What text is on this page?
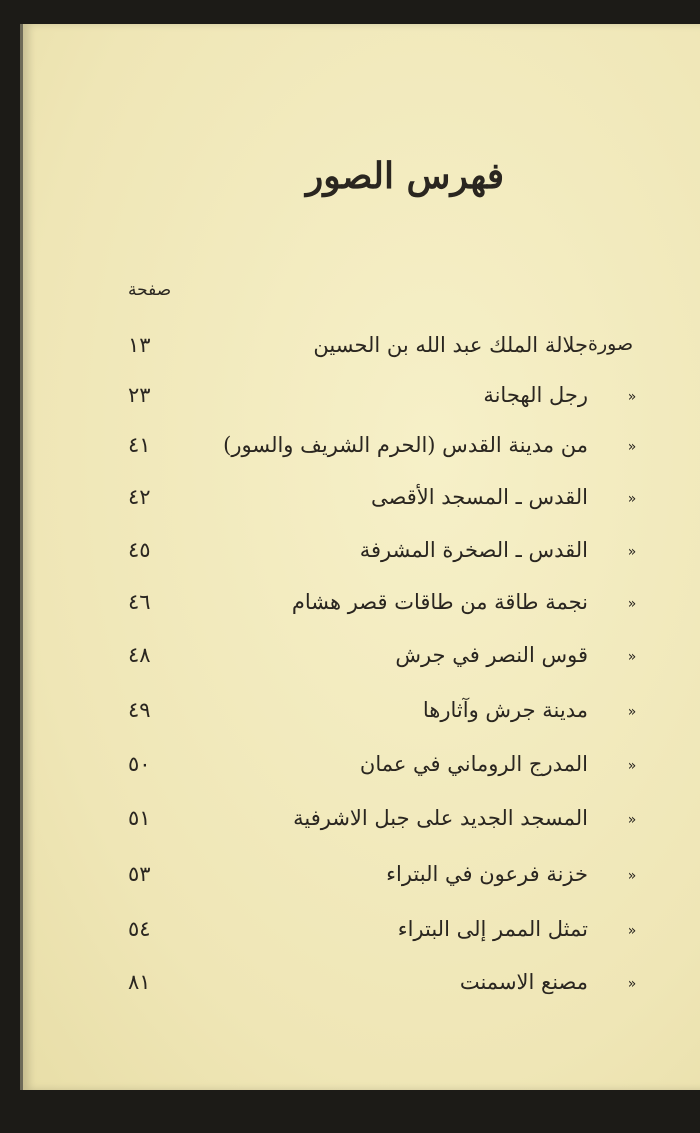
فهرس الصور
صفحة
صورة
جلالة الملك عبد الله بن الحسين
١٣
«
رجل الهجانة
٢٣
«
من مدينة القدس (الحرم الشريف والسور)
٤١
«
القدس ـ المسجد الأقصى
٤٢
«
القدس ـ الصخرة المشرفة
٤٥
«
نجمة طاقة من طاقات قصر هشام
٤٦
«
قوس النصر في جرش
٤٨
«
مدينة جرش وآثارها
٤٩
«
المدرج الروماني في عمان
٥٠
«
المسجد الجديد على جبل الاشرفية
٥١
«
خزنة فرعون في البتراء
٥٣
«
تمثل الممر إلى البتراء
٥٤
«
مصنع الاسمنت
٨١
